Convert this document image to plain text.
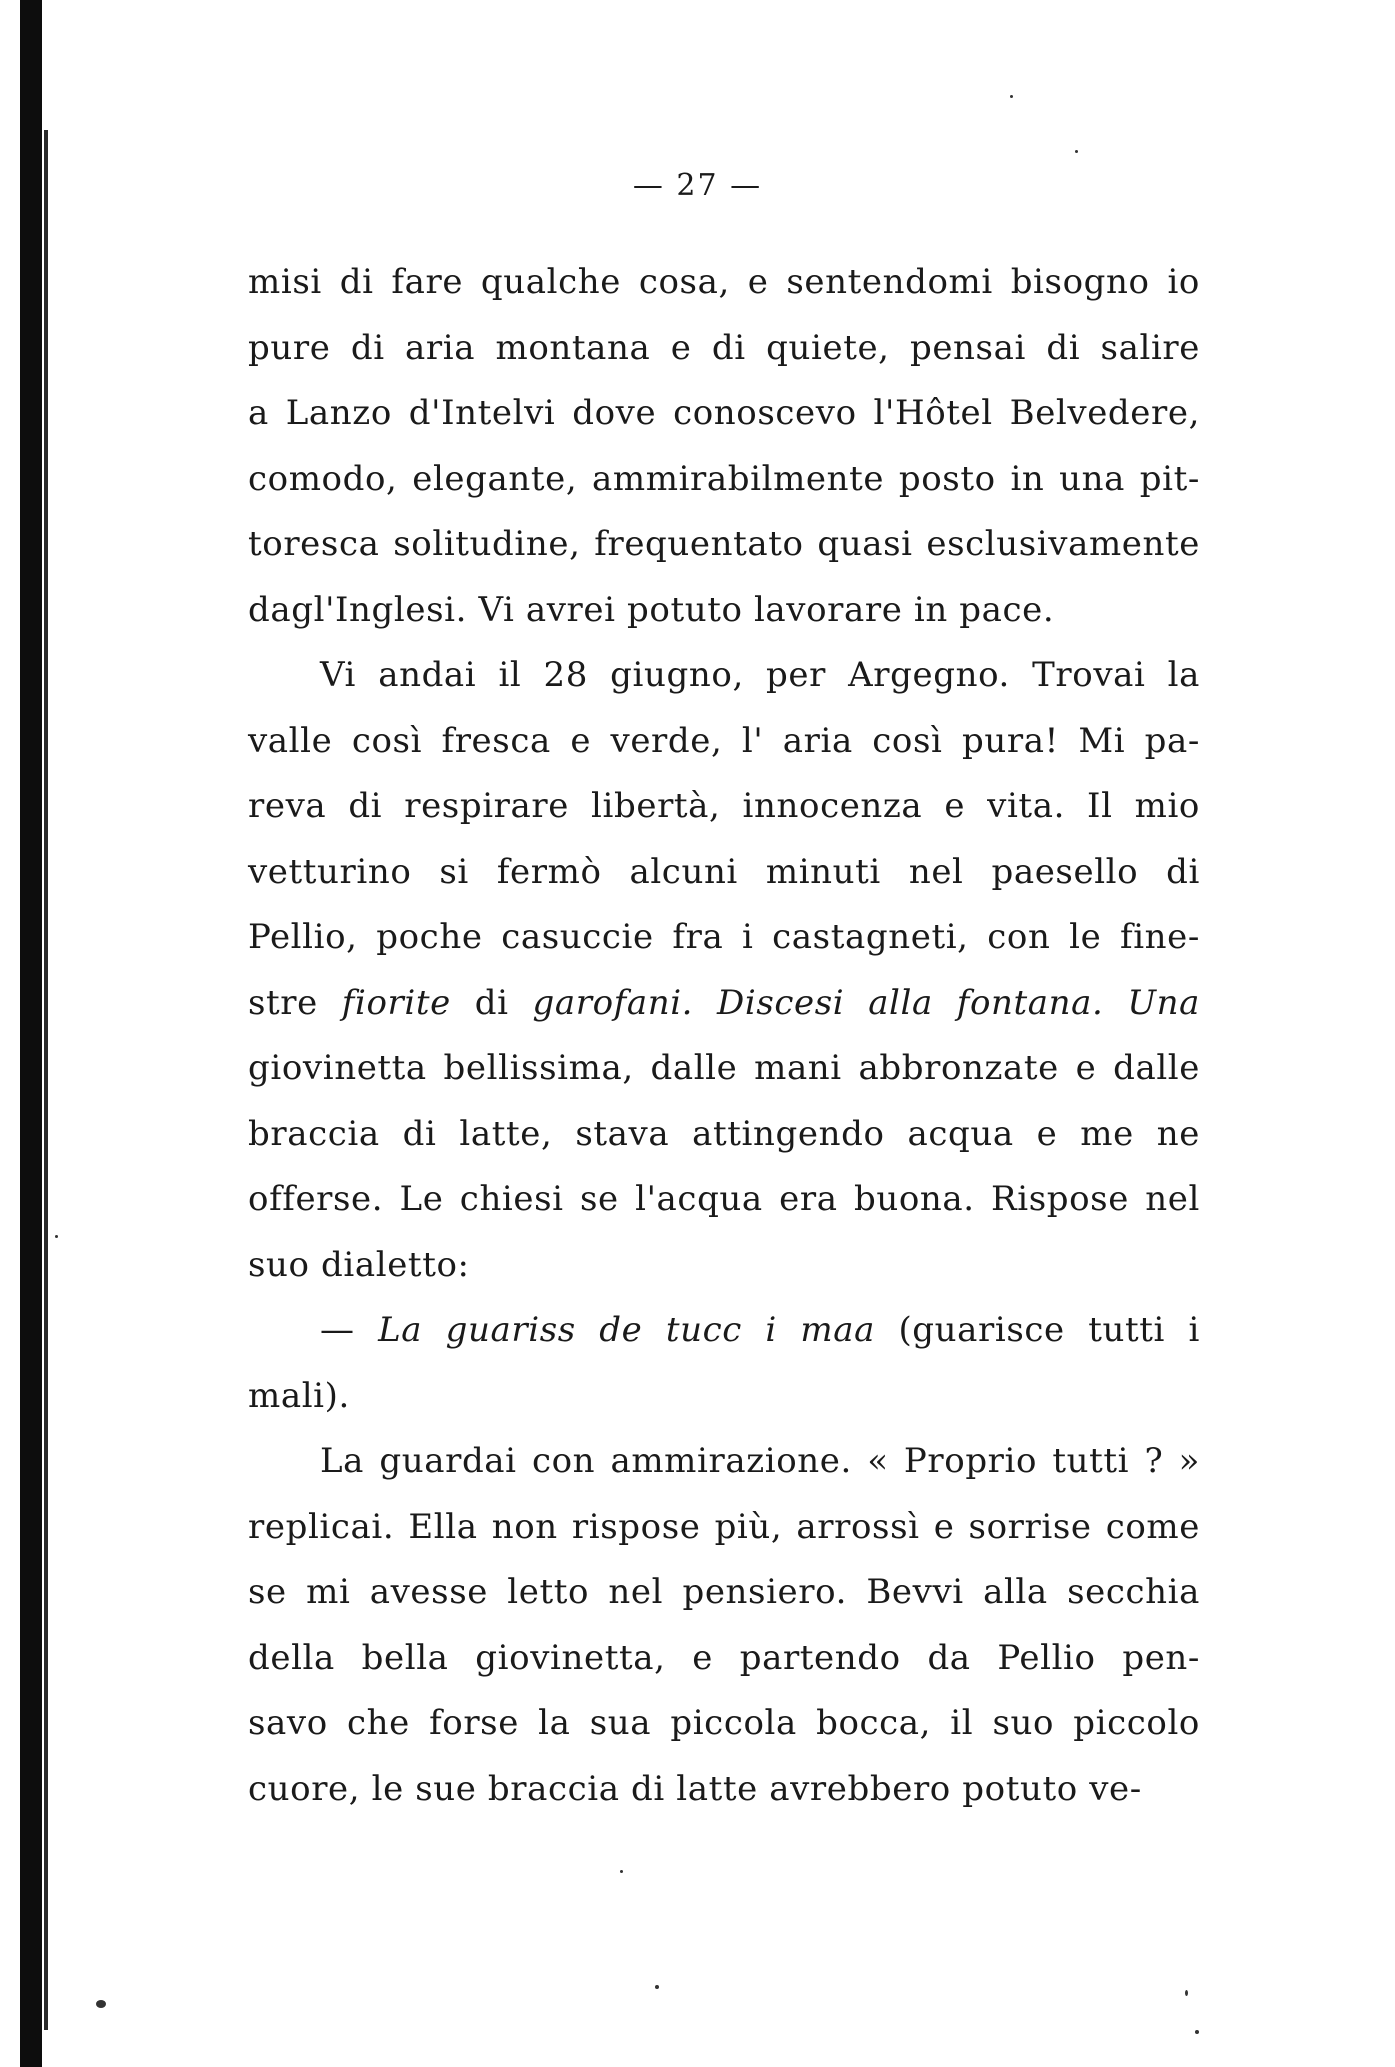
— 27 —
misi di fare qualche cosa, e sentendomi bisogno io
pure di aria montana e di quiete, pensai di salire
a Lanzo d'Intelvi dove conoscevo l'Hôtel Belvedere,
comodo, elegante, ammirabilmente posto in una pit-
toresca solitudine, frequentato quasi esclusivamente
dagl'Inglesi. Vi avrei potuto lavorare in pace.
Vi andai il 28 giugno, per Argegno. Trovai la
valle così fresca e verde, l' aria così pura! Mi pa-
reva di respirare libertà, innocenza e vita. Il mio
vetturino si fermò alcuni minuti nel paesello di
Pellio, poche casuccie fra i castagneti, con le fine-
stre fiorite di garofani. Discesi alla fontana. Una
giovinetta bellissima, dalle mani abbronzate e dalle
braccia di latte, stava attingendo acqua e me ne
offerse. Le chiesi se l'acqua era buona. Rispose nel
suo dialetto:
— La guariss de tucc i maa (guarisce tutti i
mali).
La guardai con ammirazione. « Proprio tutti ? »
replicai. Ella non rispose più, arrossì e sorrise come
se mi avesse letto nel pensiero. Bevvi alla secchia
della bella giovinetta, e partendo da Pellio pen-
savo che forse la sua piccola bocca, il suo piccolo
cuore, le sue braccia di latte avrebbero potuto ve-
